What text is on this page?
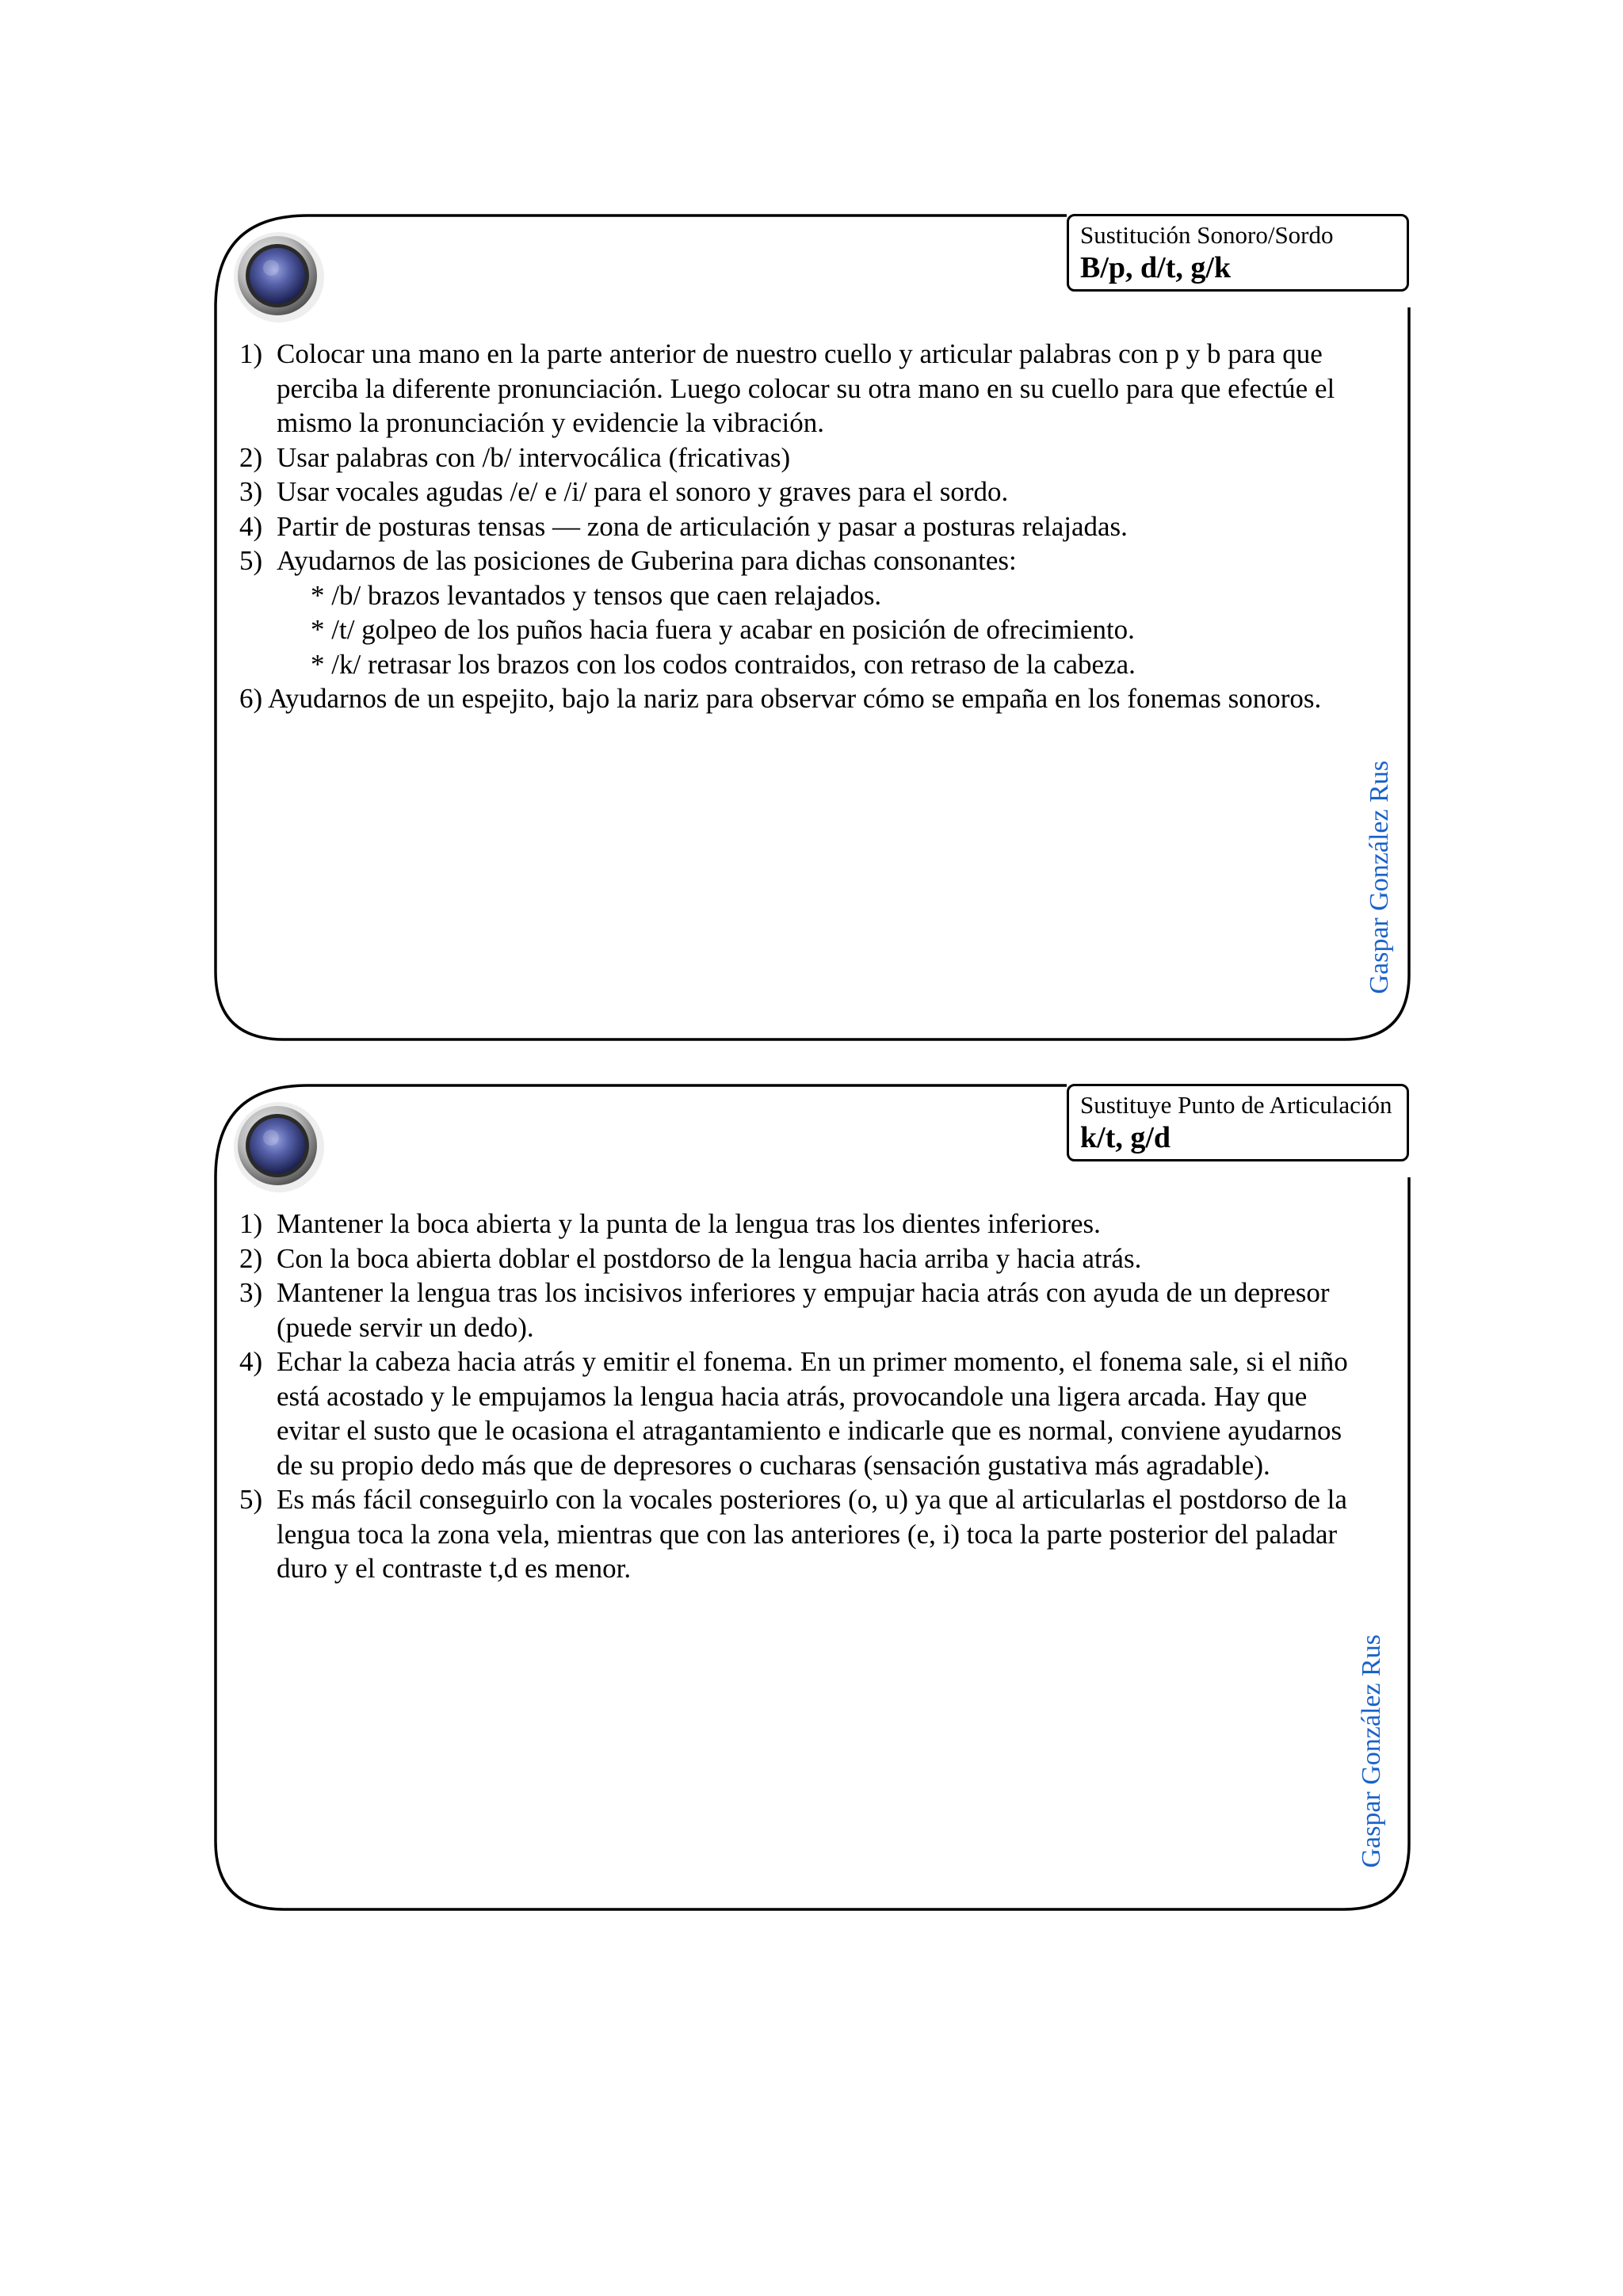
Sustitución Sonoro/Sordo
B/p, d/t, g/k
1) Colocar una mano en la parte anterior de nuestro cuello y articular palabras con p y b para que perciba la diferente pronunciación. Luego colocar su otra mano en su cuello para que efectúe el mismo la pronunciación y evidencie la vibración.
2) Usar palabras con /b/ intervocálica (fricativas)
3) Usar vocales agudas /e/ e /i/ para el sonoro y graves para el sordo.
4) Partir de posturas tensas — zona de articulación y pasar a posturas relajadas.
5) Ayudarnos de las posiciones de Guberina para dichas consonantes:
* /b/ brazos levantados y tensos que caen relajados.
* /t/ golpeo de los puños hacia fuera y acabar en posición de ofrecimiento.
* /k/ retrasar los brazos con los codos contraidos, con retraso de la cabeza.
6) Ayudarnos de un espejito, bajo la nariz para observar cómo se empaña en los fonemas sonoros.
Gaspar González Rus
Sustituye Punto de Articulación
k/t, g/d
1) Mantener la boca abierta y la punta de la lengua tras los dientes inferiores.
2) Con la boca abierta doblar el postdorso de la lengua hacia arriba y hacia atrás.
3) Mantener la lengua tras los incisivos inferiores y empujar hacia atrás con ayuda de un depresor (puede servir un dedo).
4) Echar la cabeza hacia atrás y emitir el fonema. En un primer momento, el fonema sale, si el niño está acostado y le empujamos la lengua hacia atrás, provocandole una ligera arcada. Hay que evitar el susto que le ocasiona el atragantamiento e indicarle que es normal, conviene ayudarnos de su propio dedo más que de depresores o cucharas (sensación gustativa más agradable).
5) Es más fácil conseguirlo con la vocales posteriores (o, u) ya que al articularlas el postdorso de la lengua toca la zona vela, mientras que con las anteriores (e, i) toca la parte posterior del paladar duro y el contraste t,d es menor.
Gaspar González Rus
